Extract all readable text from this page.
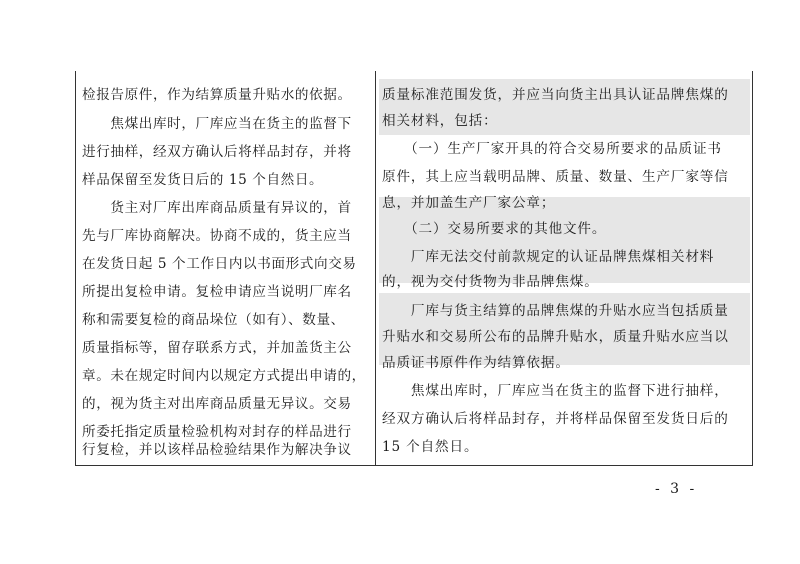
检报告原件，作为结算质量升贴水的依据。
　　焦煤出库时，厂库应当在货主的监督下
进行抽样，经双方确认后将样品封存，并将
样品保留至发货日后的 15 个自然日。
　　货主对厂库出库商品质量有异议的，首
先与厂库协商解决。协商不成的，货主应当
在发货日起 5 个工作日内以书面形式向交易
所提出复检申请。复检申请应当说明厂库名
称和需要复检的商品垛位（如有）、数量、
质量指标等，留存联系方式，并加盖货主公
章。未在规定时间内以规定方式提出申请的，
的，视为货主对出库商品质量无异议。交易
所委托指定质量检验机构对封存的样品进行
行复检，并以该样品检验结果作为解决争议
质量标准范围发货，并应当向货主出具认证品牌焦煤的
相关材料，包括：
　　（一）生产厂家开具的符合交易所要求的品质证书
原件，其上应当载明品牌、质量、数量、生产厂家等信
息，并加盖生产厂家公章；
　　（二）交易所要求的其他文件。
　　厂库无法交付前款规定的认证品牌焦煤相关材料
的，视为交付货物为非品牌焦煤。
　　厂库与货主结算的品牌焦煤的升贴水应当包括质量
升贴水和交易所公布的品牌升贴水，质量升贴水应当以
品质证书原件作为结算依据。
　　焦煤出库时，厂库应当在货主的监督下进行抽样，
经双方确认后将样品封存，并将样品保留至发货日后的
15 个自然日。
- 3 -
